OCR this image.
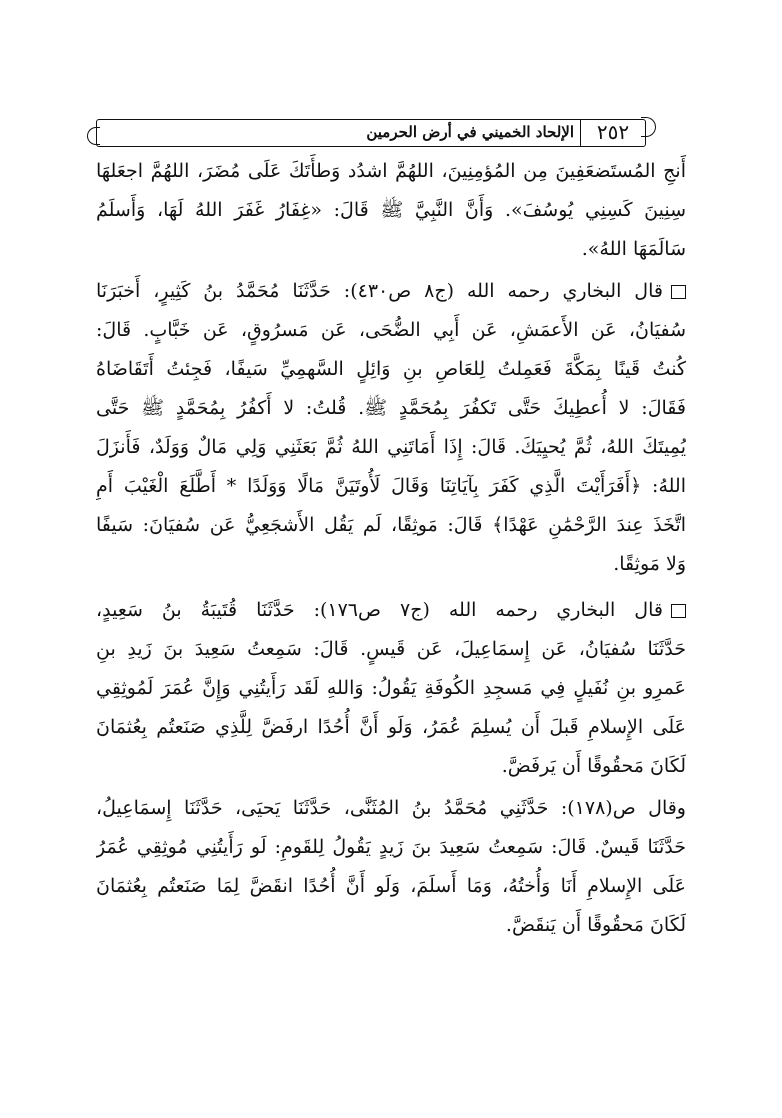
٢٥٢
الإلحاد الخميني في أرض الحرمين
أَنجِ المُستَضعَفِينَ مِن المُؤمِنِينَ، اللهُمَّ اشدُد وَطأَتَكَ عَلَى مُضَرَ، اللهُمَّ اجعَلهَا
سِنِينَ كَسِنِي يُوسُفَ». وَأَنَّ النَّبِيَّ ﷺ قَالَ: «غِفَارُ غَفَرَ اللهُ لَهَا، وَأَسلَمُ
سَالَمَهَا اللهُ».
قال البخاري رحمه الله (ج٨ ص٤٣٠): حَدَّثَنَا مُحَمَّدُ بنُ كَثِيرٍ، أَخبَرَنَا
سُفيَانُ، عَن الأَعمَشِ، عَن أَبِي الضُّحَى، عَن مَسرُوقٍ، عَن خَبَّابٍ. قَالَ:
كُنتُ قَينًا بِمَكَّةَ فَعَمِلتُ لِلعَاصِ بنِ وَائِلٍ السَّهمِيِّ سَيفًا، فَجِئتُ أَتَقَاضَاهُ
فَقَالَ: لا أُعطِيكَ حَتَّى تَكفُرَ بِمُحَمَّدٍ ﷺ. قُلتُ: لا أَكفُرُ بِمُحَمَّدٍ ﷺ حَتَّى
يُمِيتَكَ اللهُ، ثُمَّ يُحيِيَكَ. قَالَ: إِذَا أَمَاتَنِي اللهُ ثُمَّ بَعَثَنِي وَلِي مَالٌ وَوَلَدٌ، فَأَنزَلَ
اللهُ: ﴿أَفَرَأَيْتَ الَّذِي كَفَرَ بِآيَاتِنَا وَقَالَ لَأُوتَيَنَّ مَالًا وَوَلَدًا * أَطَّلَعَ الْغَيْبَ أَمِ
اتَّخَذَ عِندَ الرَّحْمَٰنِ عَهْدًا﴾ قَالَ: مَوثِقًا، لَم يَقُل الأَشجَعِيُّ عَن سُفيَانَ: سَيفًا
وَلا مَوثِقًا.
قال البخاري رحمه الله (ج٧ ص١٧٦): حَدَّثَنَا قُتَيبَةُ بنُ سَعِيدٍ،
حَدَّثَنَا سُفيَانُ، عَن إِسمَاعِيلَ، عَن قَيسٍ. قَالَ: سَمِعتُ سَعِيدَ بنَ زَيدِ بنِ
عَمرِو بنِ نُفَيلٍ فِي مَسجِدِ الكُوفَةِ يَقُولُ: وَاللهِ لَقَد رَأَيتُنِي وَإِنَّ عُمَرَ لَمُوثِقِي
عَلَى الإِسلامِ قَبلَ أَن يُسلِمَ عُمَرُ، وَلَو أَنَّ أُحُدًا ارفَضَّ لِلَّذِي صَنَعتُم بِعُثمَانَ
لَكَانَ مَحقُوقًا أَن يَرفَضَّ.
وقال ص(١٧٨): حَدَّثَنِي مُحَمَّدُ بنُ المُثَنَّى، حَدَّثَنَا يَحيَى، حَدَّثَنَا إِسمَاعِيلُ،
حَدَّثَنَا قَيسٌ. قَالَ: سَمِعتُ سَعِيدَ بنَ زَيدٍ يَقُولُ لِلقَومِ: لَو رَأَيتُنِي مُوثِقِي عُمَرُ
عَلَى الإِسلامِ أَنَا وَأُختُهُ، وَمَا أَسلَمَ، وَلَو أَنَّ أُحُدًا انقَضَّ لِمَا صَنَعتُم بِعُثمَانَ
لَكَانَ مَحقُوقًا أَن يَنقَضَّ.
